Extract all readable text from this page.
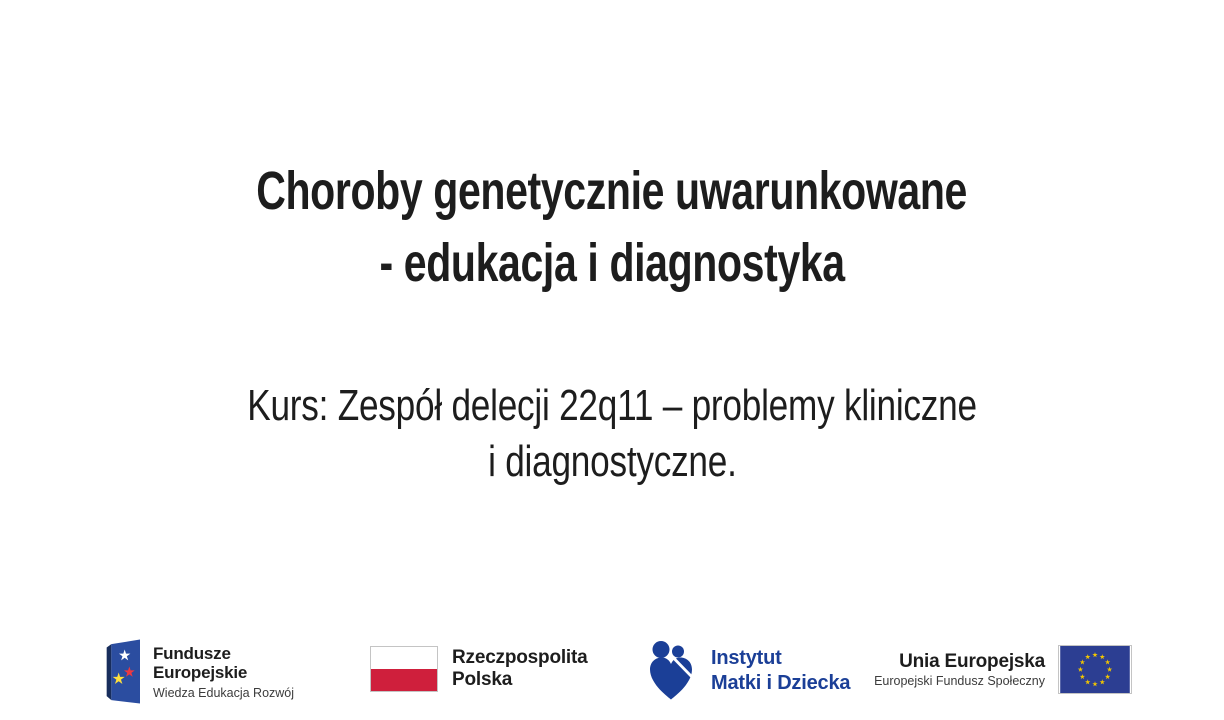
Choroby genetycznie uwarunkowane
- edukacja i diagnostyka
Kurs: Zespół delecji 22q11 – problemy kliniczne
i diagnostyczne.
Fundusze
Europejskie
Wiedza Edukacja Rozwój
Rzeczpospolita
Polska
Instytut
Matki i Dziecka
Unia Europejska
Europejski Fundusz Społeczny
